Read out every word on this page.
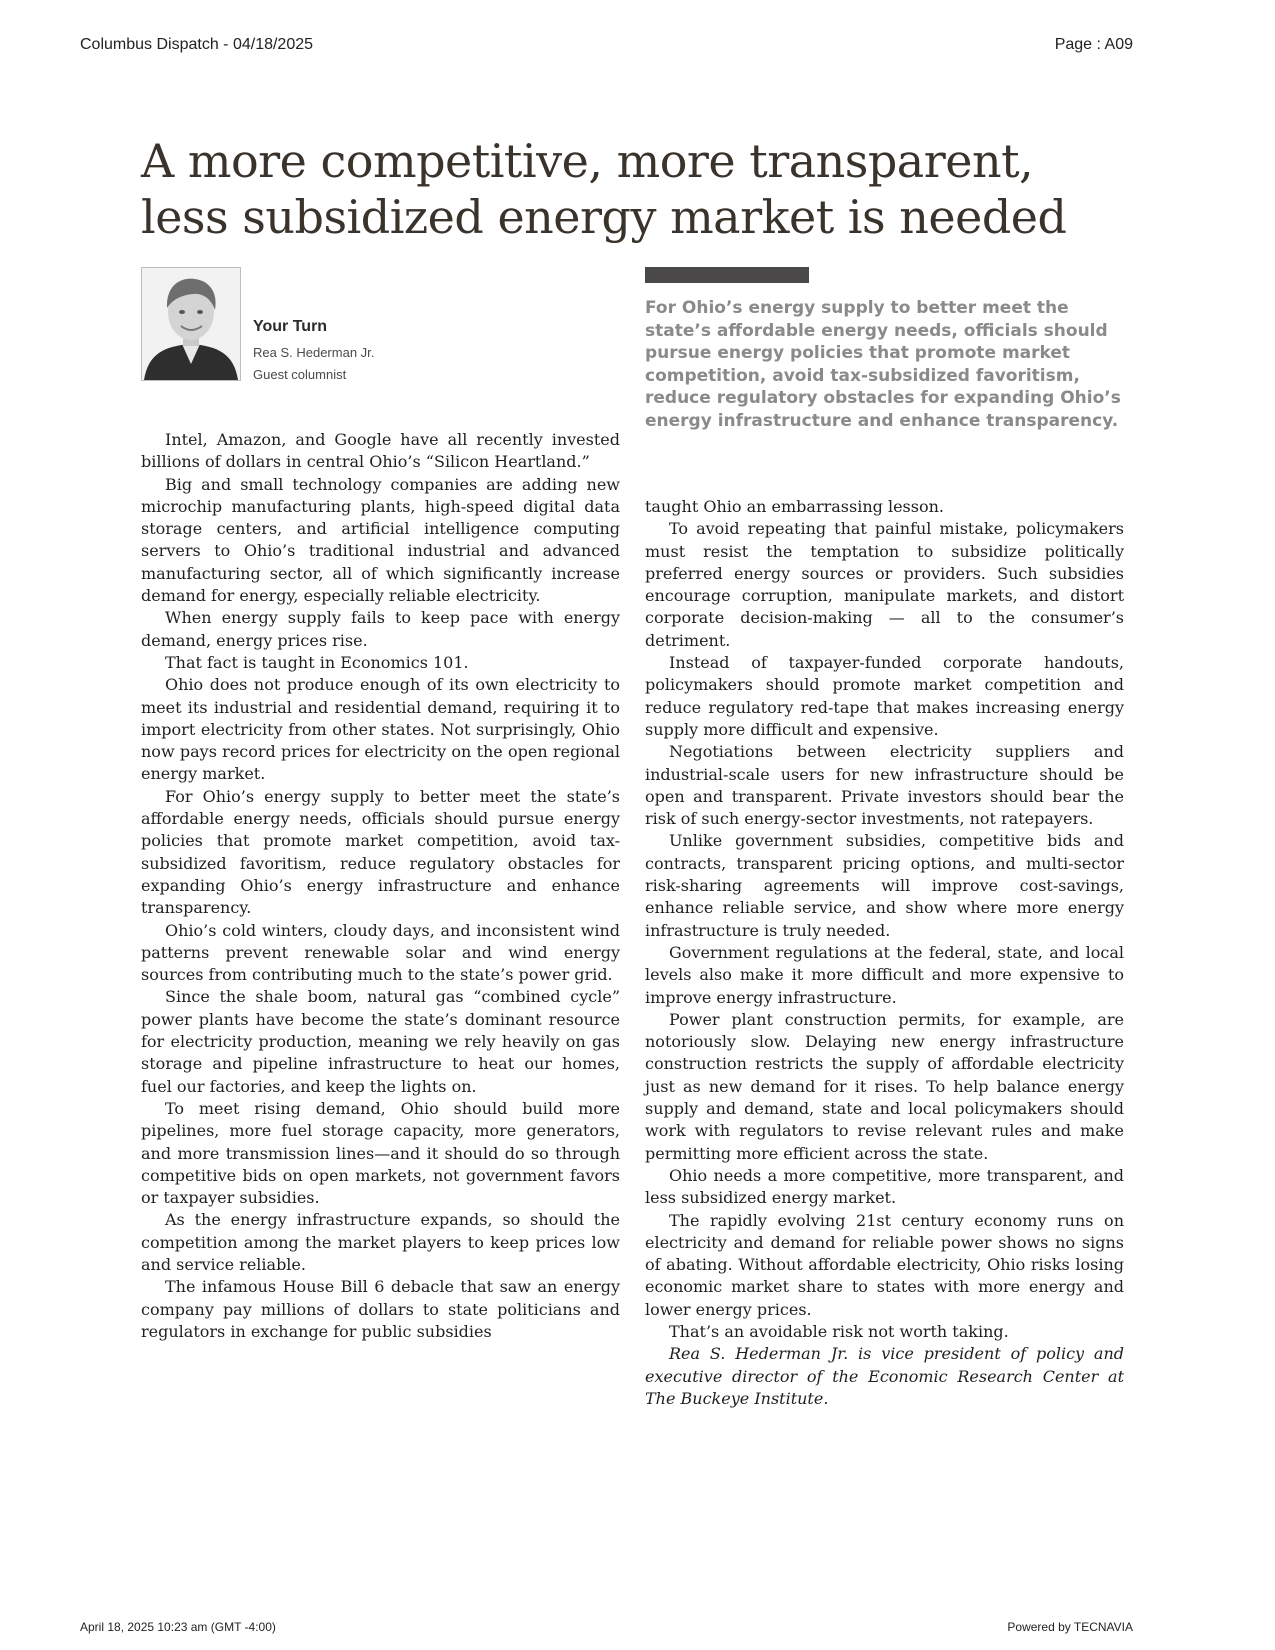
Columbus Dispatch - 04/18/2025	Page : A09
A more competitive, more transparent,
less subsidized energy market is needed
Your Turn
Rea S. Hederman Jr.
Guest columnist

For Ohio’s energy supply to better meet the state’s affordable energy needs, officials should pursue energy policies that promote market competition, avoid tax-subsidized favoritism, reduce regulatory obstacles for expanding Ohio’s energy infrastructure and enhance transparency.

Intel, Amazon, and Google have all recently invested billions of dollars in central Ohio’s “Silicon Heartland.”

Big and small technology companies are adding new microchip manufacturing plants, high-speed digital data storage centers, and artificial intelligence computing servers to Ohio’s traditional industrial and advanced manufacturing sector, all of which significantly increase demand for energy, especially reliable electricity.

When energy supply fails to keep pace with energy demand, energy prices rise.

That fact is taught in Economics 101.

Ohio does not produce enough of its own electricity to meet its industrial and residential demand, requiring it to import electricity from other states. Not surprisingly, Ohio now pays record prices for electricity on the open regional energy market.

For Ohio’s energy supply to better meet the state’s affordable energy needs, officials should pursue energy policies that promote market competition, avoid tax-subsidized favoritism, reduce regulatory obstacles for expanding Ohio’s energy infrastructure and enhance transparency.

Ohio’s cold winters, cloudy days, and inconsistent wind patterns prevent renewable solar and wind energy sources from contributing much to the state’s power grid.

Since the shale boom, natural gas “combined cycle” power plants have become the state’s dominant resource for electricity production, meaning we rely heavily on gas storage and pipeline infrastructure to heat our homes, fuel our factories, and keep the lights on.

To meet rising demand, Ohio should build more pipelines, more fuel storage capacity, more generators, and more transmission lines—and it should do so through competitive bids on open markets, not government favors or taxpayer subsidies.

As the energy infrastructure expands, so should the competition among the market players to keep prices low and service reliable.

The infamous House Bill 6 debacle that saw an energy company pay millions of dollars to state politicians and regulators in exchange for public subsidies

taught Ohio an embarrassing lesson.

To avoid repeating that painful mistake, policymakers must resist the temptation to subsidize politically preferred energy sources or providers. Such subsidies encourage corruption, manipulate markets, and distort corporate decision-making — all to the consumer’s detriment.

Instead of taxpayer-funded corporate handouts, policymakers should promote market competition and reduce regulatory red-tape that makes increasing energy supply more difficult and expensive.

Negotiations between electricity suppliers and industrial-scale users for new infrastructure should be open and transparent. Private investors should bear the risk of such energy-sector investments, not ratepayers.

Unlike government subsidies, competitive bids and contracts, transparent pricing options, and multi-sector risk-sharing agreements will improve cost-savings, enhance reliable service, and show where more energy infrastructure is truly needed.

Government regulations at the federal, state, and local levels also make it more difficult and more expensive to improve energy infrastructure.

Power plant construction permits, for example, are notoriously slow. Delaying new energy infrastructure construction restricts the supply of affordable electricity just as new demand for it rises. To help balance energy supply and demand, state and local policymakers should work with regulators to revise relevant rules and make permitting more efficient across the state.

Ohio needs a more competitive, more transparent, and less subsidized energy market.

The rapidly evolving 21st century economy runs on electricity and demand for reliable power shows no signs of abating. Without affordable electricity, Ohio risks losing economic market share to states with more energy and lower energy prices.

That’s an avoidable risk not worth taking.

Rea S. Hederman Jr. is vice president of policy and executive director of the Economic Research Center at The Buckeye Institute.

April 18, 2025 10:23 am (GMT -4:00)	Powered by TECNAVIA
